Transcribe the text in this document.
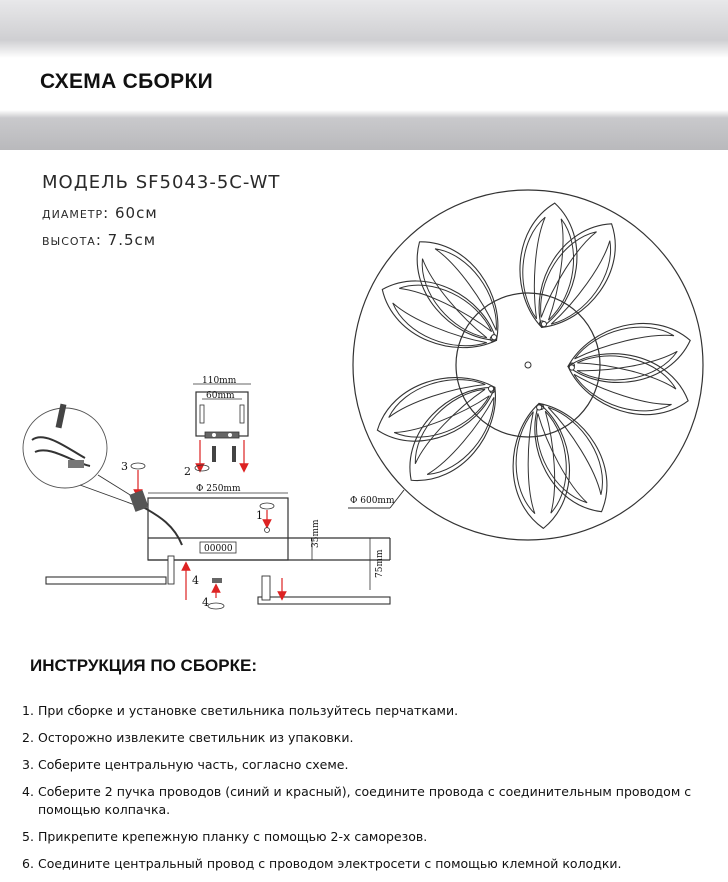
СХЕМА СБОРКИ
МОДЕЛЬ SF5043-5C-WT
диаметр: 60см
высота: 7.5см
Φ 600mm
110mm
60mm
2
3
Φ 250mm
00000
35mm
75mm
4
4
1
ИНСТРУКЦИЯ ПО СБОРКЕ:
1. При сборке и установке светильника пользуйтесь перчатками.
2. Осторожно извлеките светильник из упаковки.
3. Соберите центральную часть, согласно схеме.
4. Соберите 2 пучка проводов (синий и красный), соедините провода с соединительным проводом с помощью колпачка.
5. Прикрепите крепежную планку с помощью 2-х саморезов.
6. Соедините центральный провод с проводом электросети с помощью клемной колодки.
